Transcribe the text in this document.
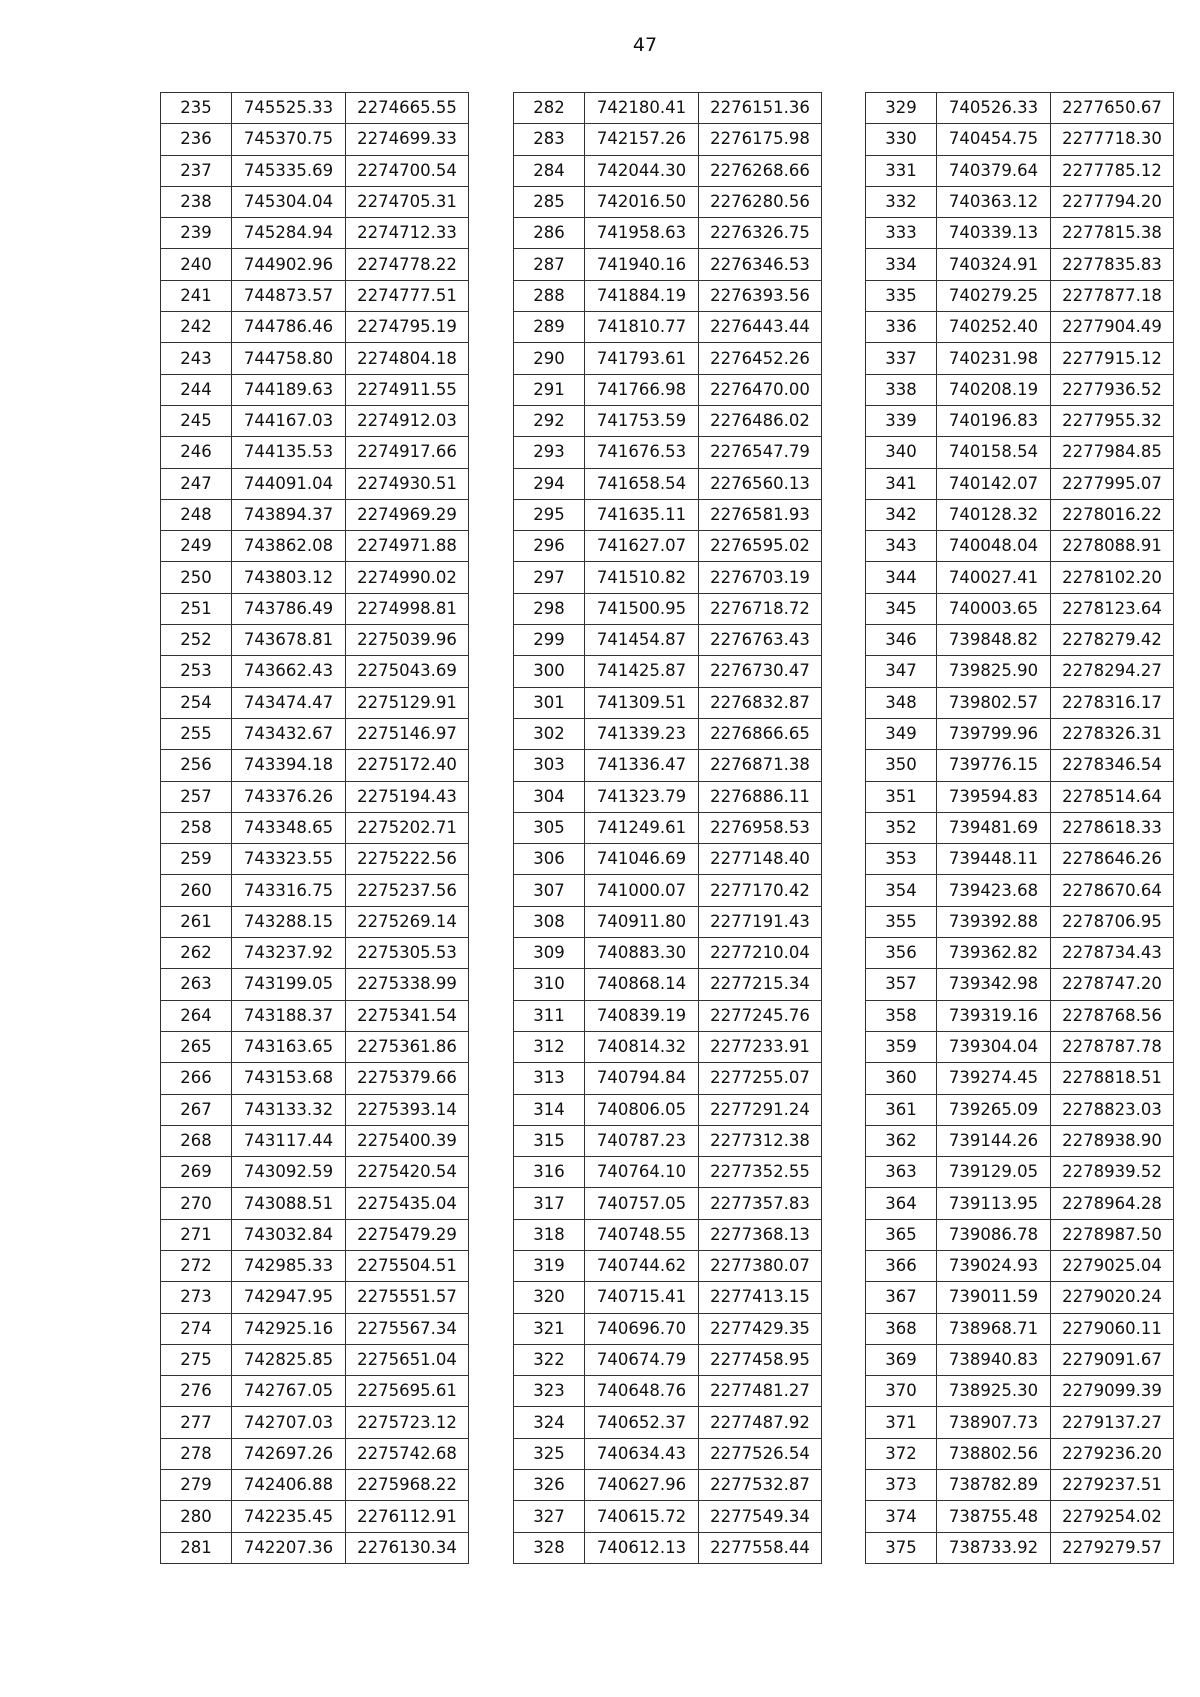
47
235	745525.33	2274665.55
236	745370.75	2274699.33
237	745335.69	2274700.54
238	745304.04	2274705.31
239	745284.94	2274712.33
240	744902.96	2274778.22
241	744873.57	2274777.51
242	744786.46	2274795.19
243	744758.80	2274804.18
244	744189.63	2274911.55
245	744167.03	2274912.03
246	744135.53	2274917.66
247	744091.04	2274930.51
248	743894.37	2274969.29
249	743862.08	2274971.88
250	743803.12	2274990.02
251	743786.49	2274998.81
252	743678.81	2275039.96
253	743662.43	2275043.69
254	743474.47	2275129.91
255	743432.67	2275146.97
256	743394.18	2275172.40
257	743376.26	2275194.43
258	743348.65	2275202.71
259	743323.55	2275222.56
260	743316.75	2275237.56
261	743288.15	2275269.14
262	743237.92	2275305.53
263	743199.05	2275338.99
264	743188.37	2275341.54
265	743163.65	2275361.86
266	743153.68	2275379.66
267	743133.32	2275393.14
268	743117.44	2275400.39
269	743092.59	2275420.54
270	743088.51	2275435.04
271	743032.84	2275479.29
272	742985.33	2275504.51
273	742947.95	2275551.57
274	742925.16	2275567.34
275	742825.85	2275651.04
276	742767.05	2275695.61
277	742707.03	2275723.12
278	742697.26	2275742.68
279	742406.88	2275968.22
280	742235.45	2276112.91
281	742207.36	2276130.34
282	742180.41	2276151.36
283	742157.26	2276175.98
284	742044.30	2276268.66
285	742016.50	2276280.56
286	741958.63	2276326.75
287	741940.16	2276346.53
288	741884.19	2276393.56
289	741810.77	2276443.44
290	741793.61	2276452.26
291	741766.98	2276470.00
292	741753.59	2276486.02
293	741676.53	2276547.79
294	741658.54	2276560.13
295	741635.11	2276581.93
296	741627.07	2276595.02
297	741510.82	2276703.19
298	741500.95	2276718.72
299	741454.87	2276763.43
300	741425.87	2276730.47
301	741309.51	2276832.87
302	741339.23	2276866.65
303	741336.47	2276871.38
304	741323.79	2276886.11
305	741249.61	2276958.53
306	741046.69	2277148.40
307	741000.07	2277170.42
308	740911.80	2277191.43
309	740883.30	2277210.04
310	740868.14	2277215.34
311	740839.19	2277245.76
312	740814.32	2277233.91
313	740794.84	2277255.07
314	740806.05	2277291.24
315	740787.23	2277312.38
316	740764.10	2277352.55
317	740757.05	2277357.83
318	740748.55	2277368.13
319	740744.62	2277380.07
320	740715.41	2277413.15
321	740696.70	2277429.35
322	740674.79	2277458.95
323	740648.76	2277481.27
324	740652.37	2277487.92
325	740634.43	2277526.54
326	740627.96	2277532.87
327	740615.72	2277549.34
328	740612.13	2277558.44
329	740526.33	2277650.67
330	740454.75	2277718.30
331	740379.64	2277785.12
332	740363.12	2277794.20
333	740339.13	2277815.38
334	740324.91	2277835.83
335	740279.25	2277877.18
336	740252.40	2277904.49
337	740231.98	2277915.12
338	740208.19	2277936.52
339	740196.83	2277955.32
340	740158.54	2277984.85
341	740142.07	2277995.07
342	740128.32	2278016.22
343	740048.04	2278088.91
344	740027.41	2278102.20
345	740003.65	2278123.64
346	739848.82	2278279.42
347	739825.90	2278294.27
348	739802.57	2278316.17
349	739799.96	2278326.31
350	739776.15	2278346.54
351	739594.83	2278514.64
352	739481.69	2278618.33
353	739448.11	2278646.26
354	739423.68	2278670.64
355	739392.88	2278706.95
356	739362.82	2278734.43
357	739342.98	2278747.20
358	739319.16	2278768.56
359	739304.04	2278787.78
360	739274.45	2278818.51
361	739265.09	2278823.03
362	739144.26	2278938.90
363	739129.05	2278939.52
364	739113.95	2278964.28
365	739086.78	2278987.50
366	739024.93	2279025.04
367	739011.59	2279020.24
368	738968.71	2279060.11
369	738940.83	2279091.67
370	738925.30	2279099.39
371	738907.73	2279137.27
372	738802.56	2279236.20
373	738782.89	2279237.51
374	738755.48	2279254.02
375	738733.92	2279279.57
